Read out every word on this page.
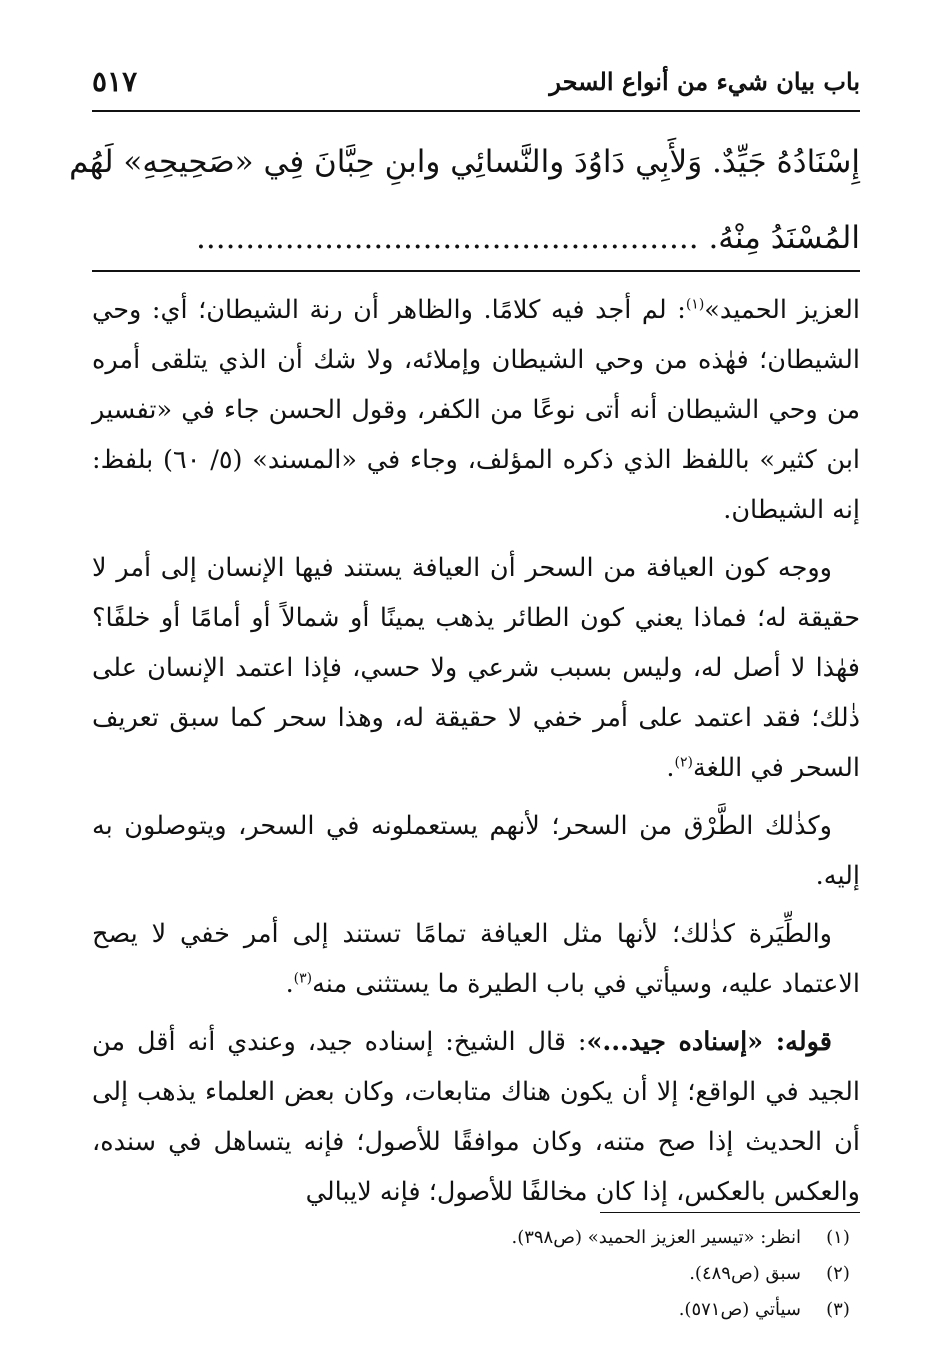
باب بيان شيء من أنواع السحر
٥١٧
إِسْنَادُهُ جَيِّدٌ. وَلأَبِي دَاوُدَ والنَّسائِي وابنِ حِبَّانَ فِي «صَحِيحِهِ» لَهُم
المُسْنَدُ مِنْهُ. ...................................................

العزيز الحميد»$^{(١)}$: لم أجد فيه كلامًا. والظاهر أن رنة الشيطان؛ أي: وحي الشيطان؛ فهٰذه من وحي الشيطان وإملائه، ولا شك أن الذي يتلقى أمره من وحي الشيطان أنه أتى نوعًا من الكفر، وقول الحسن جاء في «تفسير ابن كثير» باللفظ الذي ذكره المؤلف، وجاء في «المسند» (٥/ ٦٠) بلفظ: إنه الشيطان.

ووجه كون العيافة من السحر أن العيافة يستند فيها الإنسان إلى أمر لا حقيقة له؛ فماذا يعني كون الطائر يذهب يمينًا أو شمالاً أو أمامًا أو خلفًا؟ فهٰذا لا أصل له، وليس بسبب شرعي ولا حسي، فإذا اعتمد الإنسان على ذٰلك؛ فقد اعتمد على أمر خفي لا حقيقة له، وهذا سحر كما سبق تعريف السحر في اللغة$^{(٢)}$.

وكذٰلك الطَّرْق من السحر؛ لأنهم يستعملونه في السحر، ويتوصلون به إليه.

والطِّيَرة كذٰلك؛ لأنها مثل العيافة تمامًا تستند إلى أمر خفي لا يصح الاعتماد عليه، وسيأتي في باب الطيرة ما يستثنى منه$^{(٣)}$.

قوله: «إسناده جيد...»: قال الشيخ: إسناده جيد، وعندي أنه أقل من الجيد في الواقع؛ إلا أن يكون هناك متابعات، وكان بعض العلماء يذهب إلى أن الحديث إذا صح متنه، وكان موافقًا للأصول؛ فإنه يتساهل في سنده، والعكس بالعكس، إذا كان مخالفًا للأصول؛ فإنه لايبالي

(١)
انظر: «تيسير العزيز الحميد» (ص٣٩٨).
(٢)
سبق (ص٤٨٩).
(٣)
سيأتي (ص٥٧١).
